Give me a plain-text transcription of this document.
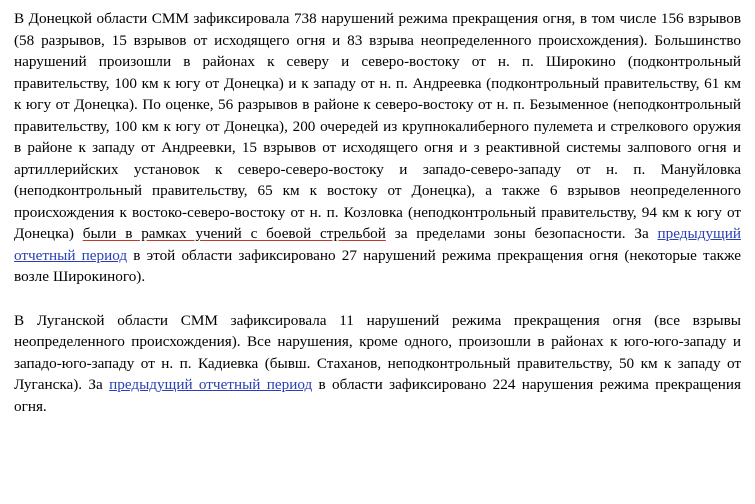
В Донецкой области СММ зафиксировала 738 нарушений режима прекращения огня, в том числе 156 взрывов (58 разрывов, 15 взрывов от исходящего огня и 83 взрыва неопределенного происхождения). Большинство нарушений произошли в районах к северу и северо-востоку от н. п. Широкино (подконтрольный правительству, 100 км к югу от Донецка) и к западу от н. п. Андреевка (подконтрольный правительству, 61 км к югу от Донецка). По оценке, 56 разрывов в районе к северо-востоку от н. п. Безыменное (неподконтрольный правительству, 100 км к югу от Донецка), 200 очередей из крупнокалиберного пулемета и стрелкового оружия в районе к западу от Андреевки, 15 взрывов от исходящего огня и з реактивной системы залпового огня и артиллерийских установок к северо-северо-востоку и западо-северо-западу от н. п. Мануйловка (неподконтрольный правительству, 65 км к востоку от Донецка), а также 6 взрывов неопределенного происхождения к востоко-северо-востоку от н. п. Козловка (неподконтрольный правительству, 94 км к югу от Донецка) были в рамках учений с боевой стрельбой за пределами зоны безопасности. За предыдущий отчетный период в этой области зафиксировано 27 нарушений режима прекращения огня (некоторые также возле Широкиного).

В Луганской области СММ зафиксировала 11 нарушений режима прекращения огня (все взрывы неопределенного происхождения). Все нарушения, кроме одного, произошли в районах к юго-юго-западу и западо-юго-западу от н. п. Кадиевка (бывш. Стаханов, неподконтрольный правительству, 50 км к западу от Луганска). За предыдущий отчетный период в области зафиксировано 224 нарушения режима прекращения огня.
